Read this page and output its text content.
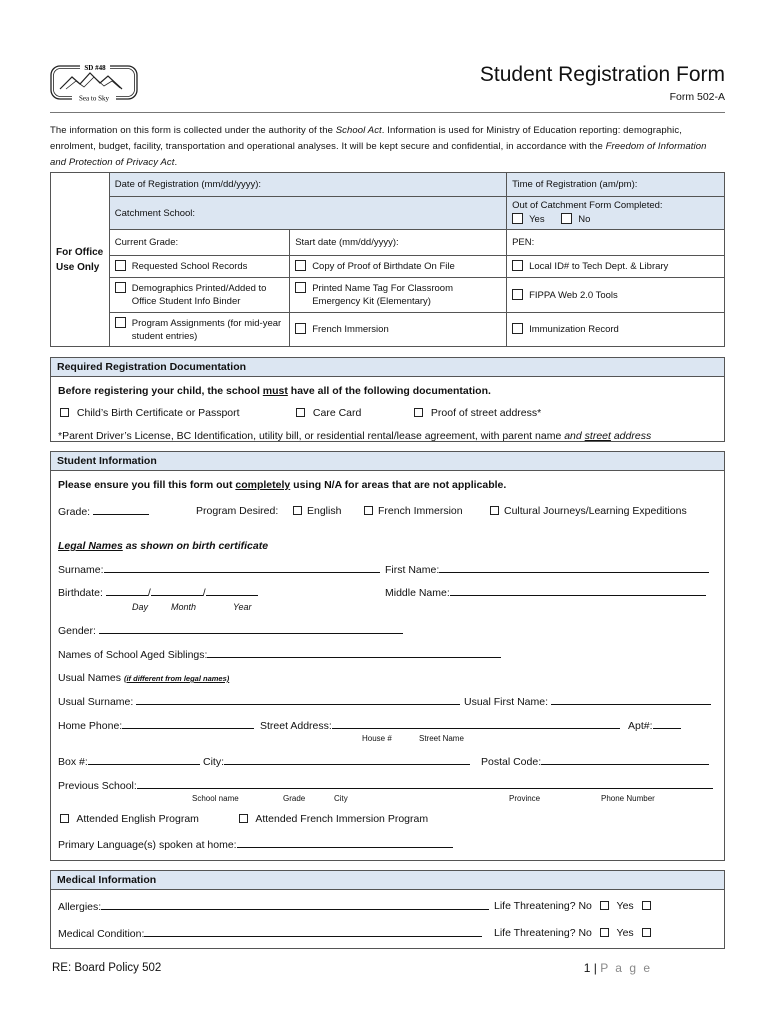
SD #48
Sea to Sky
Student Registration Form
Form 502-A
The information on this form is collected under the authority of the School Act. Information is used for Ministry of Education reporting: demographic, enrolment, budget, facility, transportation and operational analyses. It will be kept secure and confidential, in accordance with the Freedom of Information and Protection of Privacy Act.
For Office Use Only	Date of Registration (mm/dd/yyyy):		Time of Registration (am/pm):
	Catchment School:		Out of Catchment Form Completed:
Yes No

	Current Grade:	Start date (mm/dd/yyyy):	PEN:

	Requested School Records	Copy of Proof of Birthdate On File	Local ID# to Tech Dept. & Library

	Demographics Printed/Added to Office Student Info Binder	Printed Name Tag For Classroom Emergency Kit (Elementary)	FIPPA Web 2.0 Tools

	Program Assignments (for mid-year student entries)	French Immersion	Immunization Record
Required Registration Documentation
Before registering your child, the school must have all of the following documentation.
Child’s Birth Certificate or Passport	Care Card	Proof of street address*
*Parent Driver’s License, BC Identification, utility bill, or residential rental/lease agreement, with parent name and street address
Student Information
Please ensure you fill this form out completely using N/A for areas that are not applicable.
Grade:	Program Desired:	English	French Immersion	Cultural Journeys/Learning Expeditions
Legal Names as shown on birth certificate
Surname:	First Name:
Birthdate:	/	/
Day	Month	Year
Middle Name:
Gender:
Names of School Aged Siblings:
Usual Names (if different from legal names)
Usual Surname:	Usual First Name:
Home Phone:	Street Address:	Apt#:
House #	Street Name
Box #:	City:	Postal Code:
Previous School:
School name	Grade	City	Province	Phone Number
Attended English Program	Attended French Immersion Program
Primary Language(s) spoken at home:
Medical Information
Allergies:	Life Threatening? No Yes
Medical Condition:	Life Threatening? No Yes
RE: Board Policy 502	1 | P a g e
